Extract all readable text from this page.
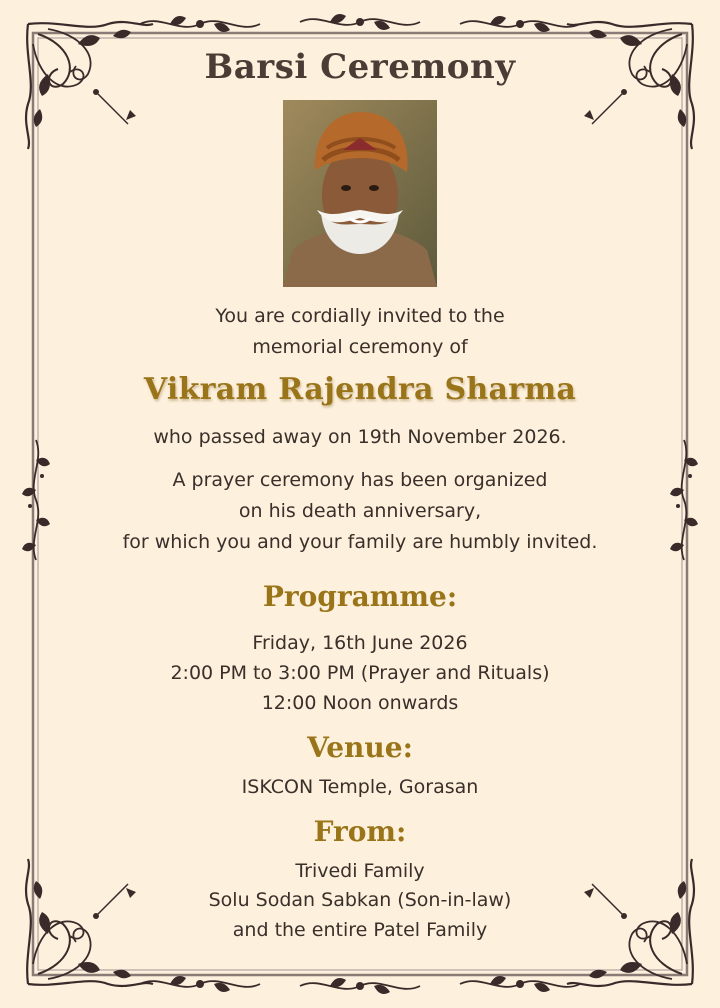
Barsi Ceremony
You are cordially invited to the
memorial ceremony of
Vikram Rajendra Sharma
who passed away on 19th November 2026.
A prayer ceremony has been organized
on his death anniversary,
for which you and your family are humbly invited.
Programme:
Friday, 16th June 2026
2:00 PM to 3:00 PM (Prayer and Rituals)
12:00 Noon onwards
Venue:
ISKCON Temple, Gorasan
From:
Trivedi Family
Solu Sodan Sabkan (Son-in-law)
and the entire Patel Family
